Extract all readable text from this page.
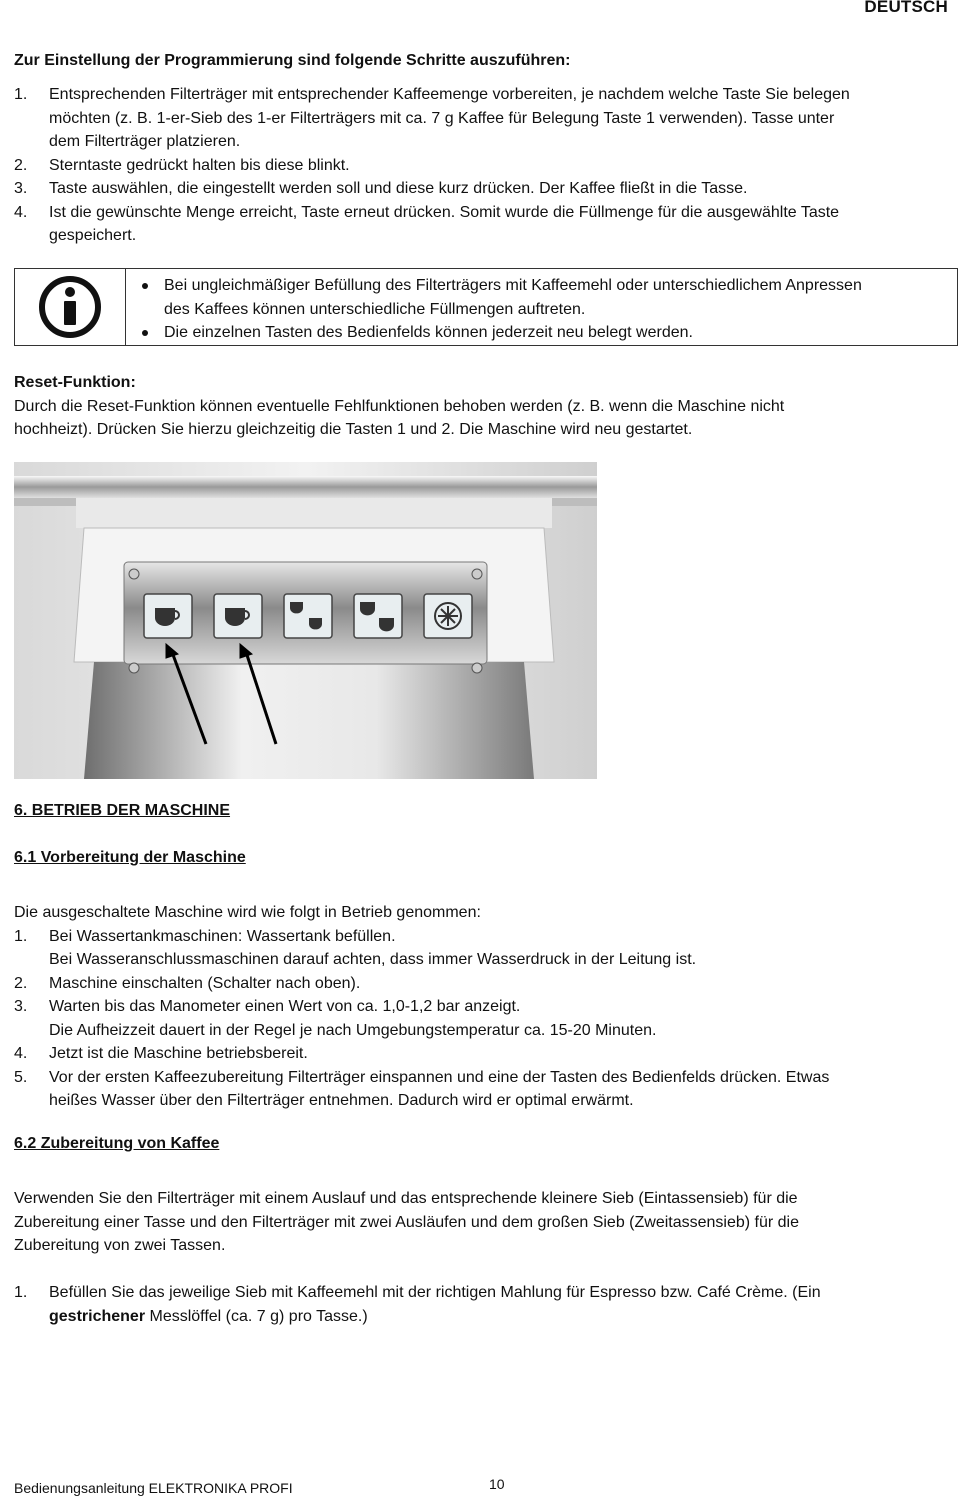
DEUTSCH

Zur Einstellung der Programmierung sind folgende Schritte auszuführen:

1. Entsprechenden Filterträger mit entsprechender Kaffeemenge vorbereiten, je nachdem welche Taste Sie belegen
möchten (z. B. 1-er-Sieb des 1-er Filterträgers mit ca. 7 g Kaffee für Belegung Taste 1 verwenden). Tasse unter
dem Filterträger platzieren.
2. Sterntaste gedrückt halten bis diese blinkt.
3. Taste auswählen, die eingestellt werden soll und diese kurz drücken. Der Kaffee fließt in die Tasse.
4. Ist die gewünschte Menge erreicht, Taste erneut drücken. Somit wurde die Füllmenge für die ausgewählte Taste
gespeichert.
Bei ungleichmäßiger Befüllung des Filterträgers mit Kaffeemehl oder unterschiedlichem Anpressen
des Kaffees können unterschiedliche Füllmengen auftreten.
Die einzelnen Tasten des Bedienfelds können jederzeit neu belegt werden.

Reset-Funktion:

Durch die Reset-Funktion können eventuelle Fehlfunktionen behoben werden (z. B. wenn die Maschine nicht

hochheizt). Drücken Sie hierzu gleichzeitig die Tasten 1 und 2. Die Maschine wird neu gestartet.

6. BETRIEB DER MASCHINE

6.1 Vorbereitung der Maschine

Die ausgeschaltete Maschine wird wie folgt in Betrieb genommen:

1. Bei Wassertankmaschinen: Wassertank befüllen.
Bei Wasseranschlussmaschinen darauf achten, dass immer Wasserdruck in der Leitung ist.
2. Maschine einschalten (Schalter nach oben).
3. Warten bis das Manometer einen Wert von ca. 1,0-1,2 bar anzeigt.
Die Aufheizzeit dauert in der Regel je nach Umgebungstemperatur ca. 15-20 Minuten.
4. Jetzt ist die Maschine betriebsbereit.
5. Vor der ersten Kaffeezubereitung Filterträger einspannen und eine der Tasten des Bedienfelds drücken. Etwas
heißes Wasser über den Filterträger entnehmen. Dadurch wird er optimal erwärmt.

6.2 Zubereitung von Kaffee

Verwenden Sie den Filterträger mit einem Auslauf und das entsprechende kleinere Sieb (Eintassensieb) für die

Zubereitung einer Tasse und den Filterträger mit zwei Ausläufen und dem großen Sieb (Zweitassensieb) für die

Zubereitung von zwei Tassen.

1. Befüllen Sie das jeweilige Sieb mit Kaffeemehl mit der richtigen Mahlung für Espresso bzw. Café Crème. (Ein
gestrichener Messlöffel (ca. 7 g) pro Tasse.)
Bedienungsanleitung ELEKTRONIKA PROFI	10
